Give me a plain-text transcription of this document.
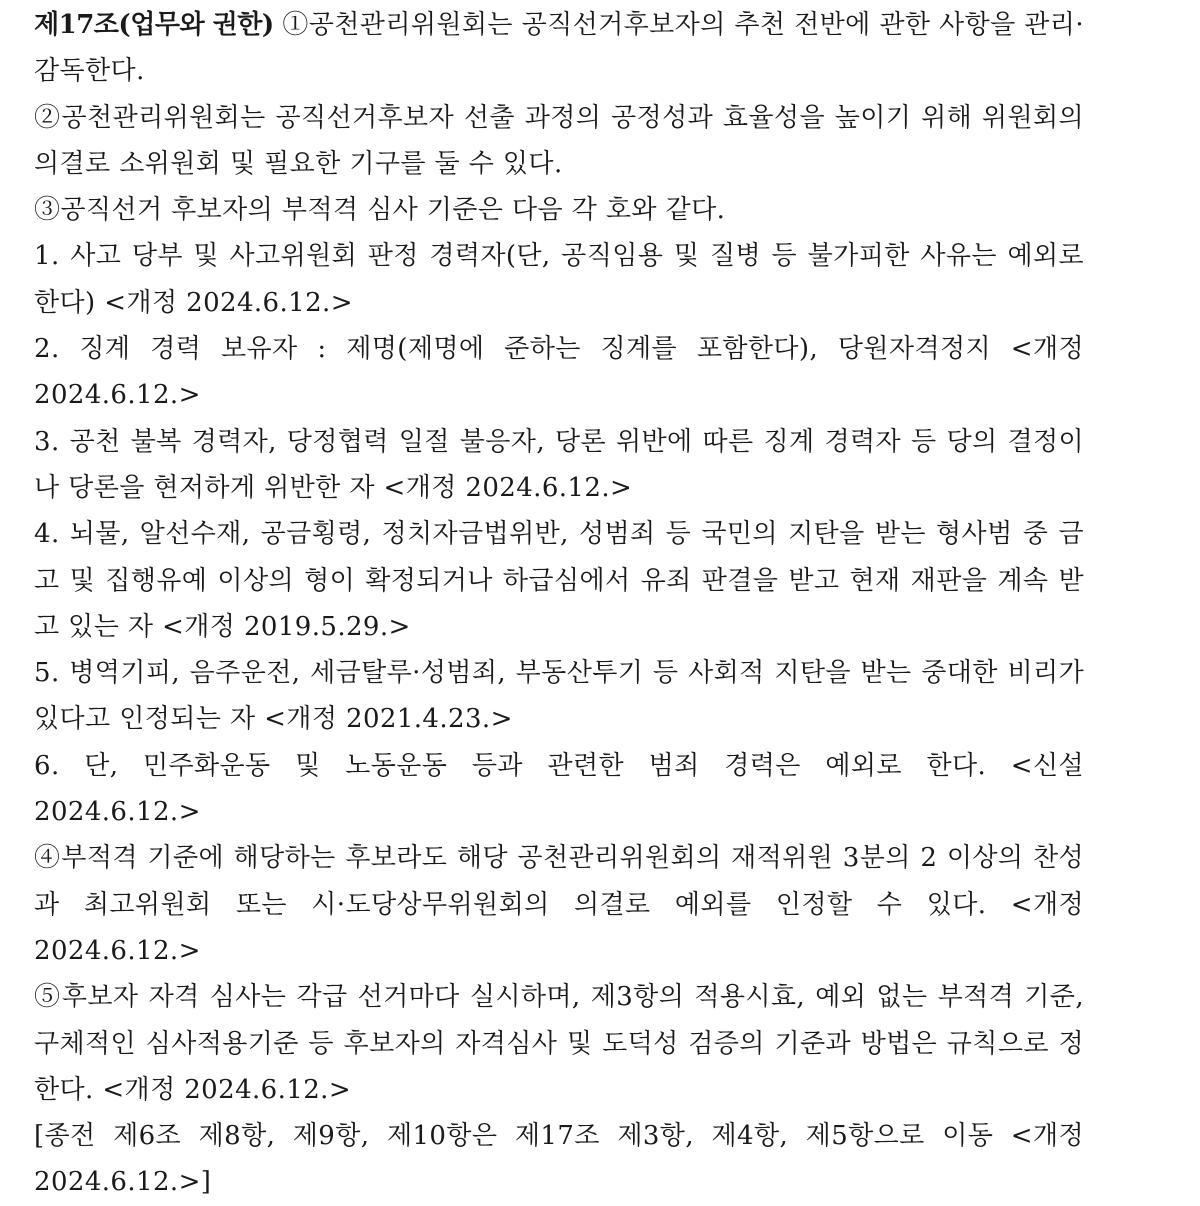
제17조(업무와 권한) ①공천관리위원회는 공직선거후보자의 추천 전반에 관한 사항을 관리·감독한다.

②공천관리위원회는 공직선거후보자 선출 과정의 공정성과 효율성을 높이기 위해 위원회의 의결로 소위원회 및 필요한 기구를 둘 수 있다.

③공직선거 후보자의 부적격 심사 기준은 다음 각 호와 같다.

1. 사고 당부 및 사고위원회 판정 경력자(단, 공직임용 및 질병 등 불가피한 사유는 예외로 한다) <개정 2024.6.12.>

2. 징계 경력 보유자 : 제명(제명에 준하는 징계를 포함한다), 당원자격정지 <개정 2024.6.12.>

3. 공천 불복 경력자, 당정협력 일절 불응자, 당론 위반에 따른 징계 경력자 등 당의 결정이나 당론을 현저하게 위반한 자 <개정 2024.6.12.>

4. 뇌물, 알선수재, 공금횡령, 정치자금법위반, 성범죄 등 국민의 지탄을 받는 형사범 중 금고 및 집행유예 이상의 형이 확정되거나 하급심에서 유죄 판결을 받고 현재 재판을 계속 받고 있는 자 <개정 2019.5.29.>

5. 병역기피, 음주운전, 세금탈루·성범죄, 부동산투기 등 사회적 지탄을 받는 중대한 비리가 있다고 인정되는 자 <개정 2021.4.23.>

6. 단, 민주화운동 및 노동운동 등과 관련한 범죄 경력은 예외로 한다. <신설 2024.6.12.>

④부적격 기준에 해당하는 후보라도 해당 공천관리위원회의 재적위원 3분의 2 이상의 찬성과 최고위원회 또는 시·도당상무위원회의 의결로 예외를 인정할 수 있다. <개정 2024.6.12.>

⑤후보자 자격 심사는 각급 선거마다 실시하며, 제3항의 적용시효, 예외 없는 부적격 기준, 구체적인 심사적용기준 등 후보자의 자격심사 및 도덕성 검증의 기준과 방법은 규칙으로 정한다. <개정 2024.6.12.>

[종전 제6조 제8항, 제9항, 제10항은 제17조 제3항, 제4항, 제5항으로 이동 <개정 2024.6.12.>]
